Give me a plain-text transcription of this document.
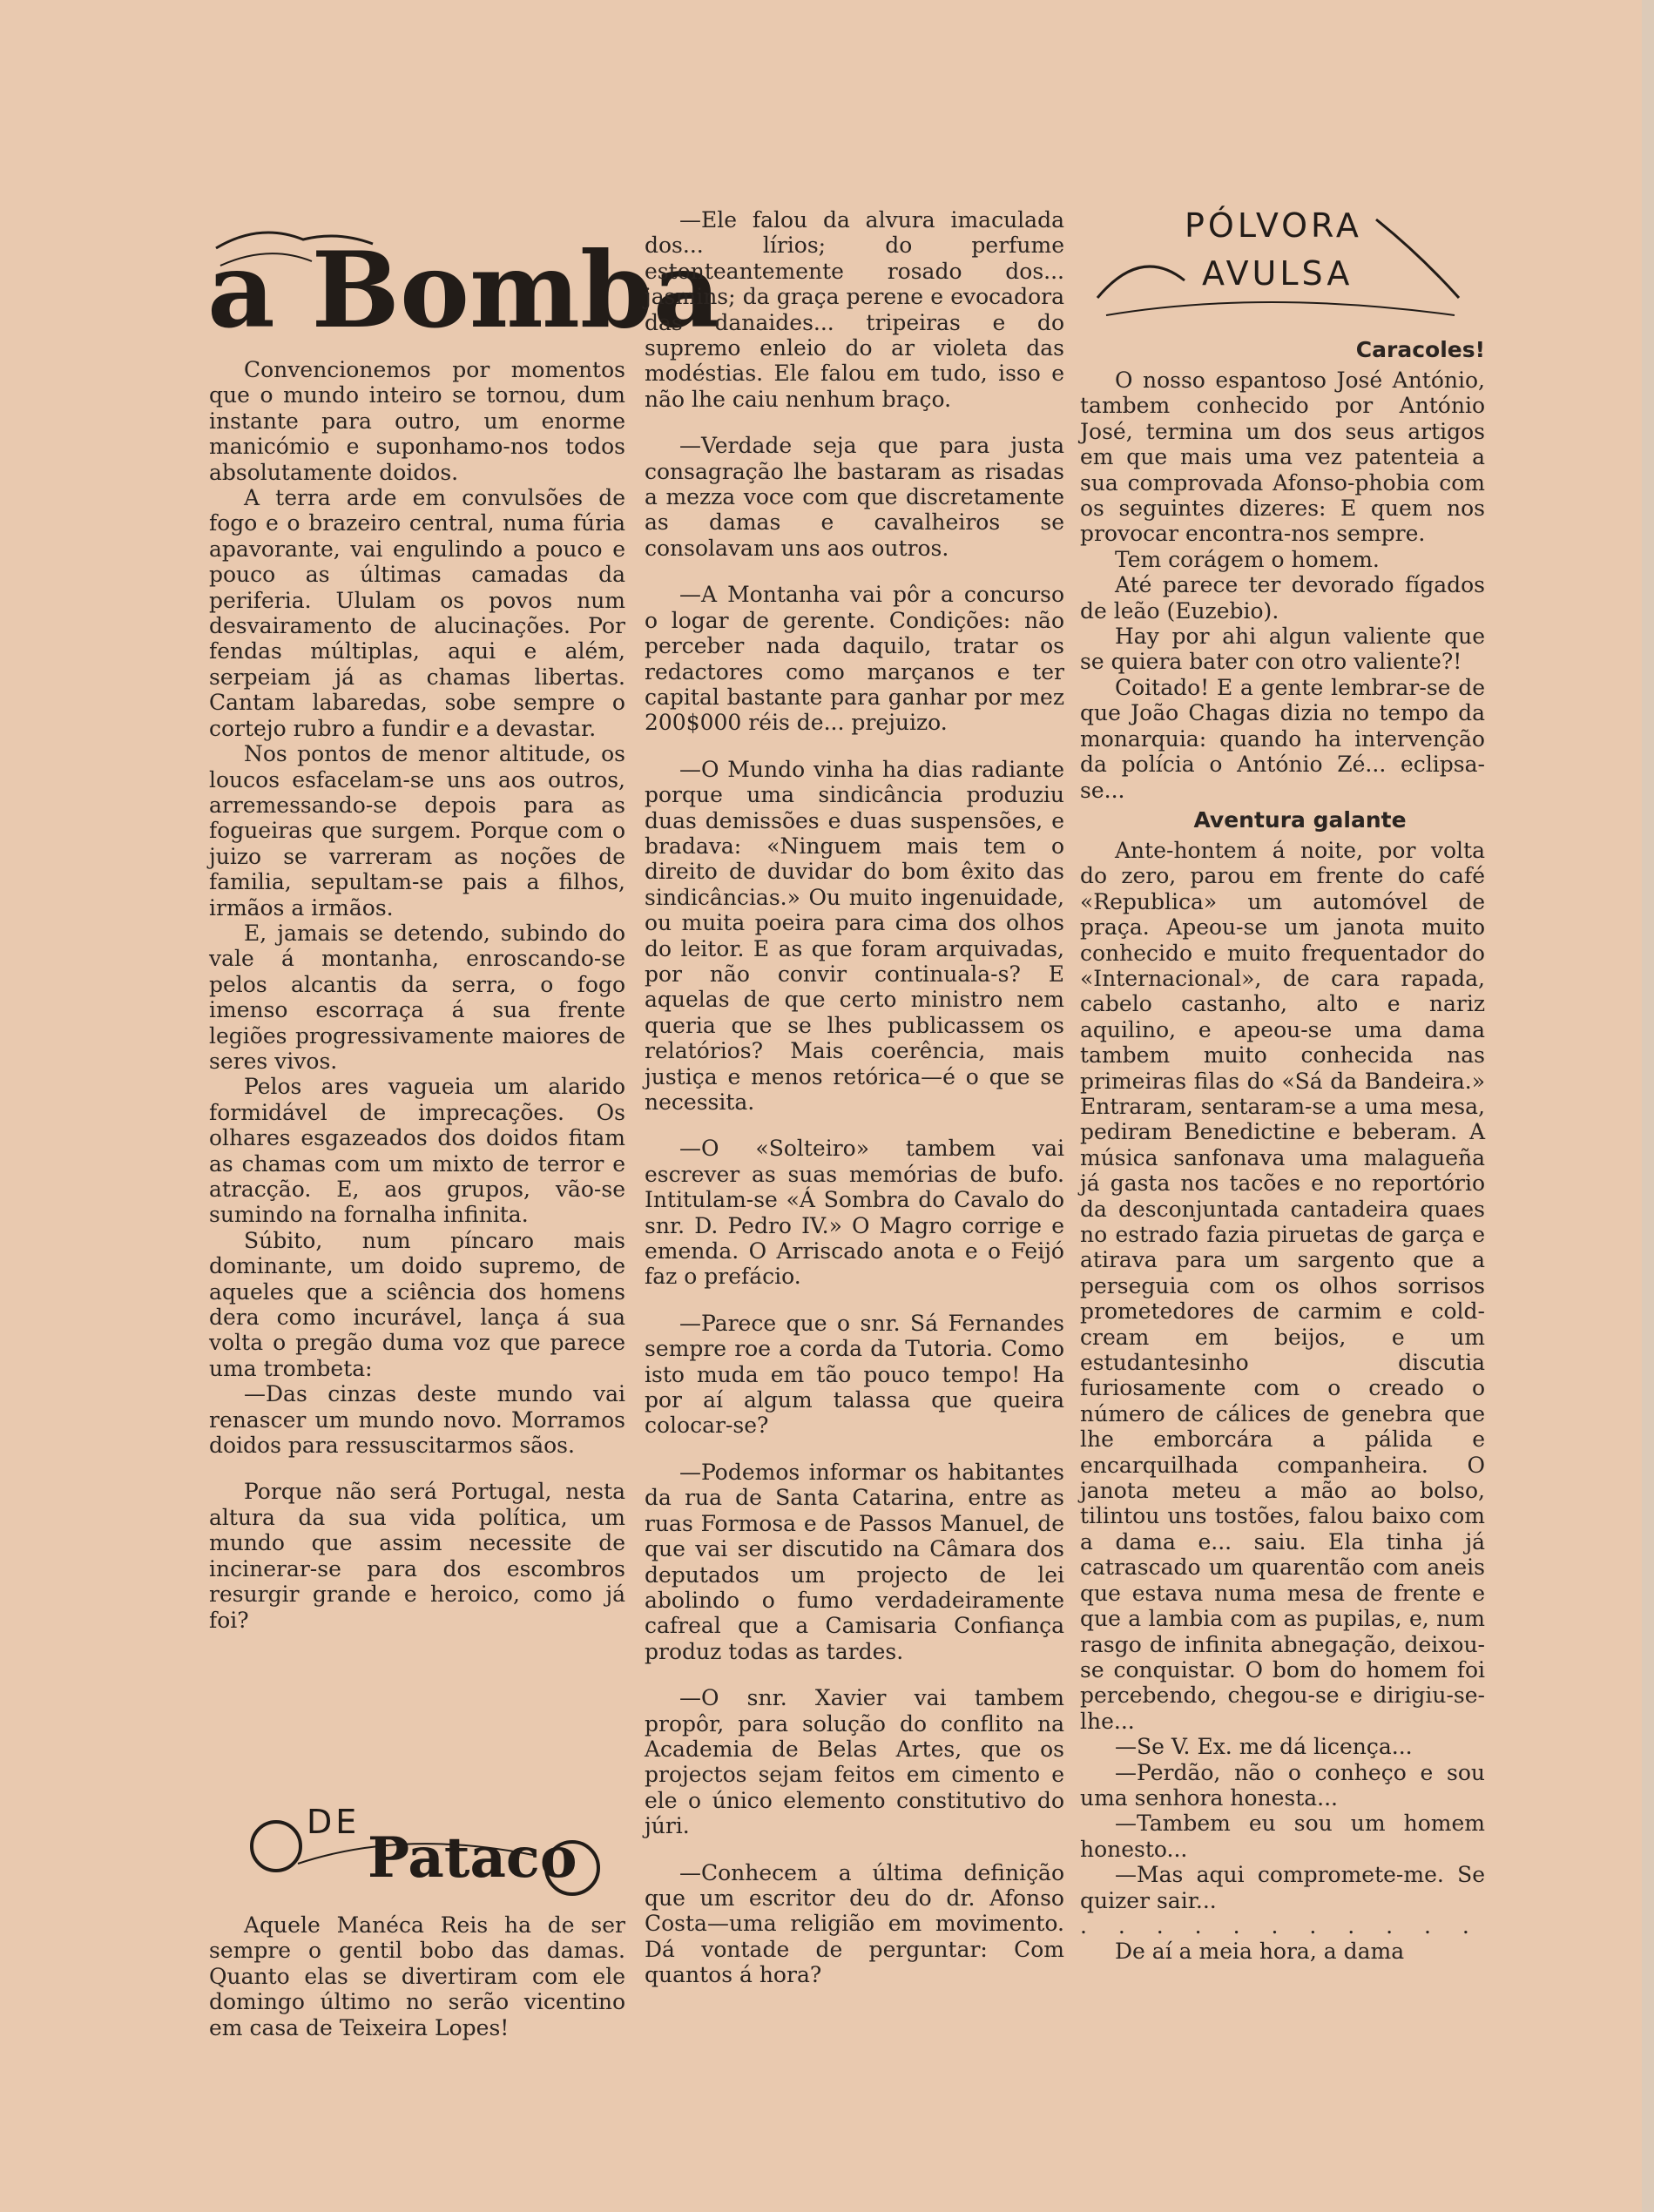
a Bomba

Convencionemos por momentos que o mundo inteiro se tornou, dum instante para outro, um enorme manicómio e suponhamo-nos todos absolutamente doidos.

A terra arde em convulsões de fogo e o brazeiro central, numa fúria apavorante, vai engulindo a pouco e pouco as últimas camadas da periferia. Ululam os povos num desvairamento de alucinações. Por fendas múltiplas, aqui e além, serpeiam já as chamas libertas. Cantam labaredas, sobe sempre o cortejo rubro a fundir e a devastar.

Nos pontos de menor altitude, os loucos esfacelam-se uns aos outros, arremessando-se depois para as fogueiras que surgem. Porque com o juizo se varreram as noções de familia, sepultam-se pais a filhos, irmãos a irmãos.

E, jamais se detendo, subindo do vale á montanha, enroscando-se pelos alcantis da serra, o fogo imenso escorraça á sua frente legiões progressivamente maiores de seres vivos.

Pelos ares vagueia um alarido formidável de imprecações. Os olhares esgazeados dos doidos fitam as chamas com um mixto de terror e atracção. E, aos grupos, vão-se sumindo na fornalha infinita.

Súbito, num píncaro mais dominante, um doido supremo, de aqueles que a sciência dos homens dera como incurável, lança á sua volta o pregão duma voz que parece uma trombeta:

—Das cinzas deste mundo vai renascer um mundo novo. Morramos doidos para ressuscitarmos sãos.

Porque não será Portugal, nesta altura da sua vida política, um mundo que assim necessite de incinerar-se para dos escombros resurgir grande e heroico, como já foi?

DE
Pataco

Aquele Manéca Reis ha de ser sempre o gentil bobo das damas. Quanto elas se divertiram com ele domingo último no serão vicentino em casa de Teixeira Lopes!

—Ele falou da alvura imaculada dos... lírios; do perfume estonteantemente rosado dos... jasmins; da graça perene e evocadora das danaides... tripeiras e do supremo enleio do ar violeta das modéstias. Ele falou em tudo, isso e não lhe caiu nenhum braço.

—Verdade seja que para justa consagração lhe bastaram as risadas a mezza voce com que discretamente as damas e cavalheiros se consolavam uns aos outros.

—A Montanha vai pôr a concurso o logar de gerente. Condições: não perceber nada daquilo, tratar os redactores como marçanos e ter capital bastante para ganhar por mez 200$000 réis de... prejuizo.

—O Mundo vinha ha dias radiante porque uma sindicância produziu duas demissões e duas suspensões, e bradava: «Ninguem mais tem o direito de duvidar do bom êxito das sindicâncias.» Ou muito ingenuidade, ou muita poeira para cima dos olhos do leitor. E as que foram arquivadas, por não convir continuala-s? E aquelas de que certo ministro nem queria que se lhes publicassem os relatórios? Mais coerência, mais justiça e menos retórica—é o que se necessita.

—O «Solteiro» tambem vai escrever as suas memórias de bufo. Intitulam-se «Á Sombra do Cavalo do snr. D. Pedro IV.» O Magro corrige e emenda. O Arriscado anota e o Feijó faz o prefácio.

—Parece que o snr. Sá Fernandes sempre roe a corda da Tutoria. Como isto muda em tão pouco tempo! Ha por aí algum talassa que queira colocar-se?

—Podemos informar os habitantes da rua de Santa Catarina, entre as ruas Formosa e de Passos Manuel, de que vai ser discutido na Câmara dos deputados um projecto de lei abolindo o fumo verdadeiramente cafreal que a Camisaria Confiança produz todas as tardes.

—O snr. Xavier vai tambem propôr, para solução do conflito na Academia de Belas Artes, que os projectos sejam feitos em cimento e ele o único elemento constitutivo do júri.

—Conhecem a última definição que um escritor deu do dr. Afonso Costa—uma religião em movimento. Dá vontade de perguntar: Com quantos á hora?

PÓLVORA
AVULSA

Caracoles!

O nosso espantoso José António, tambem conhecido por António José, termina um dos seus artigos em que mais uma vez patenteia a sua comprovada Afonso-phobia com os seguintes dizeres: E quem nos provocar encontra-nos sempre.

Tem corágem o homem.

Até parece ter devorado fígados de leão (Euzebio).

Hay por ahi algun valiente que se quiera bater con otro valiente?!

Coitado! E a gente lembrar-se de que João Chagas dizia no tempo da monarquia: quando ha intervenção da polícia o António Zé... eclipsa-se...

Aventura galante

Ante-hontem á noite, por volta do zero, parou em frente do café «Republica» um automóvel de praça. Apeou-se um janota muito conhecido e muito frequentador do «Internacional», de cara rapada, cabelo castanho, alto e nariz aquilino, e apeou-se uma dama tambem muito conhecida nas primeiras filas do «Sá da Bandeira.» Entraram, sentaram-se a uma mesa, pediram Benedictine e beberam. A música sanfonava uma malagueña já gasta nos tacões e no reportório da desconjuntada cantadeira quaes no estrado fazia piruetas de garça e atirava para um sargento que a perseguia com os olhos sorrisos prometedores de carmim e cold-cream em beijos, e um estudantesinho discutia furiosamente com o creado o número de cálices de genebra que lhe emborcára a pálida e encarquilhada companheira. O janota meteu a mão ao bolso, tilintou uns tostões, falou baixo com a dama e... saiu. Ela tinha já catrascado um quarentão com aneis que estava numa mesa de frente e que a lambia com as pupilas, e, num rasgo de infinita abnegação, deixou-se conquistar. O bom do homem foi percebendo, chegou-se e dirigiu-se-lhe...

—Se V. Ex. me dá licença...

—Perdão, não o conheço e sou uma senhora honesta...

—Tambem eu sou um homem honesto...

—Mas aqui compromete-me. Se quizer sair...

. . . . . . . . . . .

De aí a meia hora, a dama
